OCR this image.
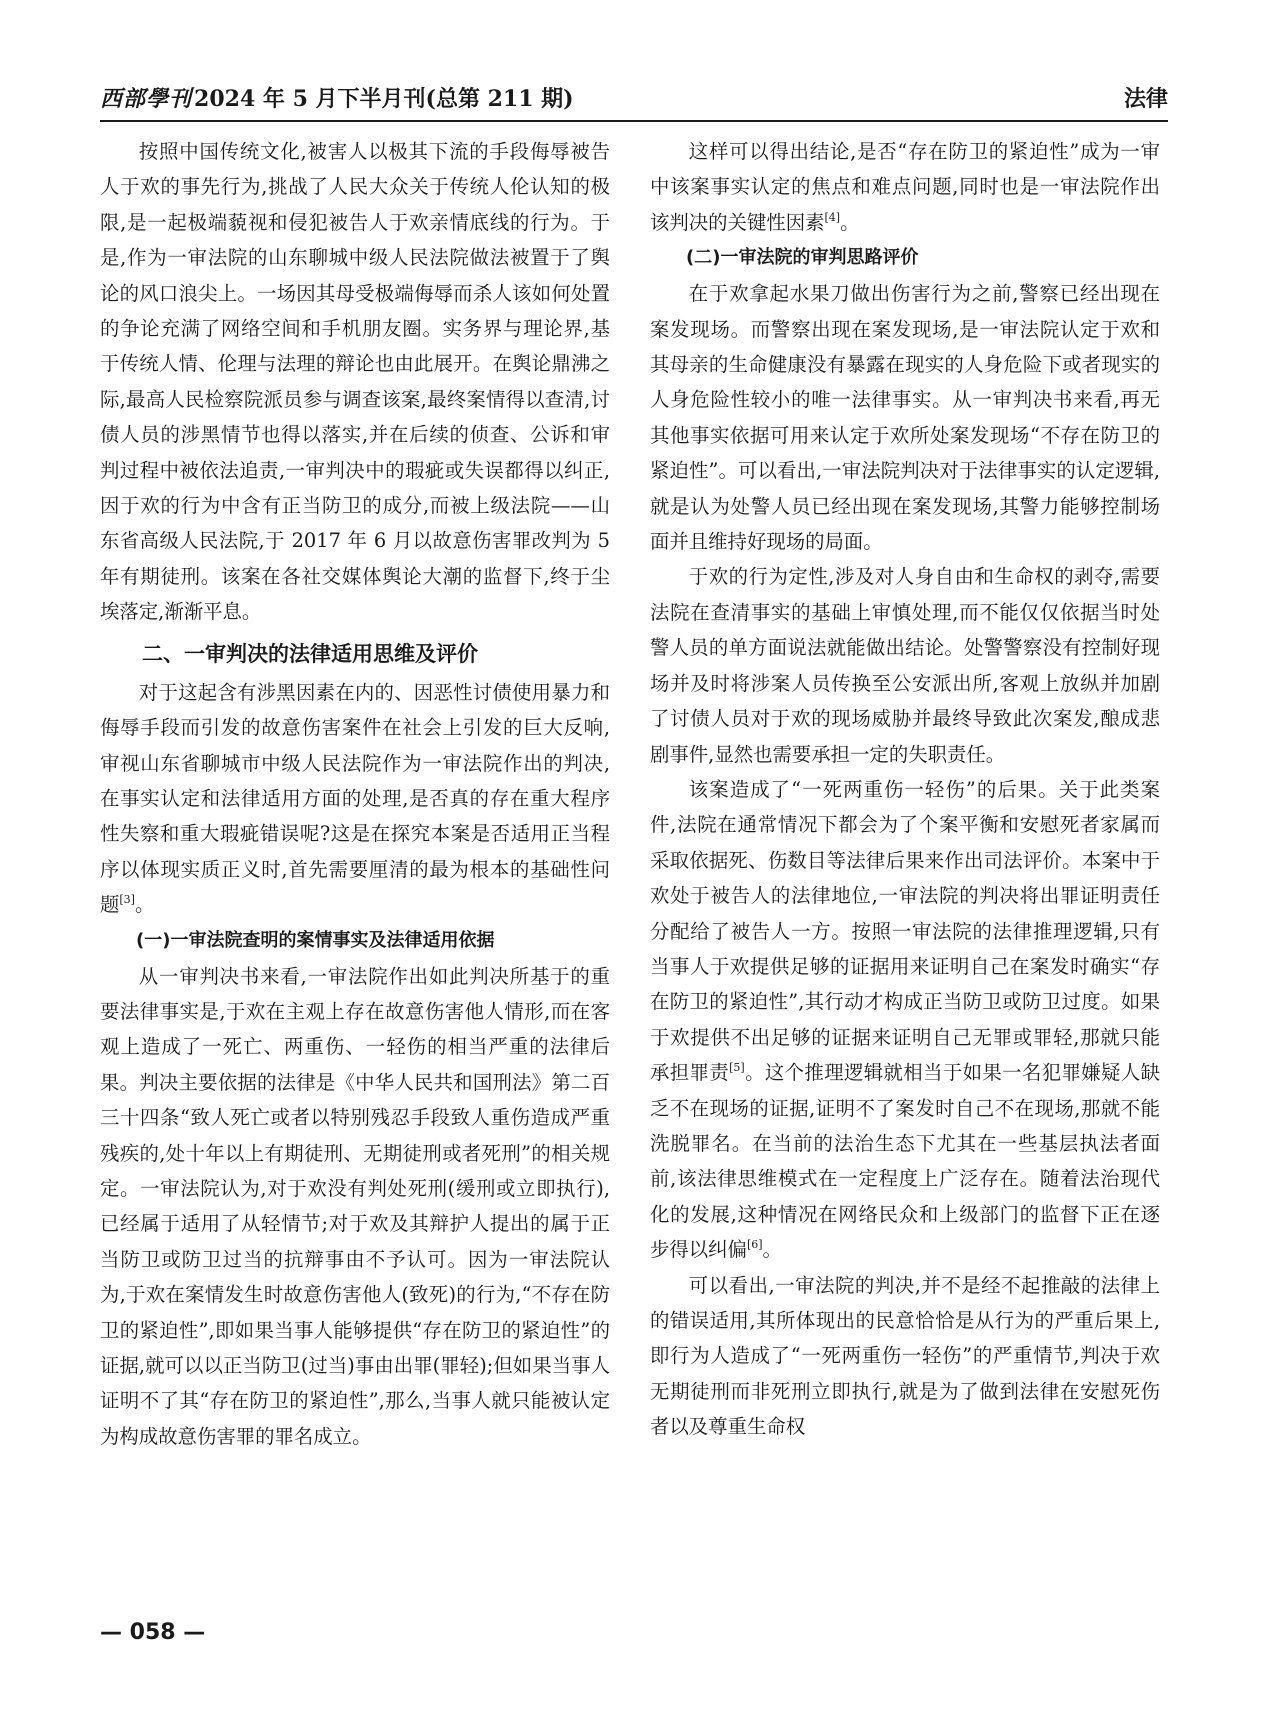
西部學刊2024 年 5 月下半月刊(总第 211 期)	法律

按照中国传统文化,被害人以极其下流的手段侮辱被告人于欢的事先行为,挑战了人民大众关于传统人伦认知的极限,是一起极端藐视和侵犯被告人于欢亲情底线的行为。于是,作为一审法院的山东聊城中级人民法院做法被置于了舆论的风口浪尖上。一场因其母受极端侮辱而杀人该如何处置的争论充满了网络空间和手机朋友圈。实务界与理论界,基于传统人情、伦理与法理的辩论也由此展开。在舆论鼎沸之际,最高人民检察院派员参与调查该案,最终案情得以查清,讨债人员的涉黑情节也得以落实,并在后续的侦查、公诉和审判过程中被依法追责,一审判决中的瑕疵或失误都得以纠正,因于欢的行为中含有正当防卫的成分,而被上级法院——山东省高级人民法院,于 2017 年 6 月以故意伤害罪改判为 5 年有期徒刑。该案在各社交媒体舆论大潮的监督下,终于尘埃落定,渐渐平息。

二、一审判决的法律适用思维及评价

对于这起含有涉黑因素在内的、因恶性讨债使用暴力和侮辱手段而引发的故意伤害案件在社会上引发的巨大反响,审视山东省聊城市中级人民法院作为一审法院作出的判决,在事实认定和法律适用方面的处理,是否真的存在重大程序性失察和重大瑕疵错误呢?这是在探究本案是否适用正当程序以体现实质正义时,首先需要厘清的最为根本的基础性问题[3]。

(一)一审法院查明的案情事实及法律适用依据

从一审判决书来看,一审法院作出如此判决所基于的重要法律事实是,于欢在主观上存在故意伤害他人情形,而在客观上造成了一死亡、两重伤、一轻伤的相当严重的法律后果。判决主要依据的法律是《中华人民共和国刑法》第二百三十四条“致人死亡或者以特别残忍手段致人重伤造成严重残疾的,处十年以上有期徒刑、无期徒刑或者死刑”的相关规定。一审法院认为,对于欢没有判处死刑(缓刑或立即执行),已经属于适用了从轻情节;对于欢及其辩护人提出的属于正当防卫或防卫过当的抗辩事由不予认可。因为一审法院认为,于欢在案情发生时故意伤害他人(致死)的行为,“不存在防卫的紧迫性”,即如果当事人能够提供“存在防卫的紧迫性”的证据,就可以以正当防卫(过当)事由出罪(罪轻);但如果当事人证明不了其“存在防卫的紧迫性”,那么,当事人就只能被认定为构成故意伤害罪的罪名成立。

这样可以得出结论,是否“存在防卫的紧迫性”成为一审中该案事实认定的焦点和难点问题,同时也是一审法院作出该判决的关键性因素[4]。

(二)一审法院的审判思路评价

在于欢拿起水果刀做出伤害行为之前,警察已经出现在案发现场。而警察出现在案发现场,是一审法院认定于欢和其母亲的生命健康没有暴露在现实的人身危险下或者现实的人身危险性较小的唯一法律事实。从一审判决书来看,再无其他事实依据可用来认定于欢所处案发现场“不存在防卫的紧迫性”。可以看出,一审法院判决对于法律事实的认定逻辑,就是认为处警人员已经出现在案发现场,其警力能够控制场面并且维持好现场的局面。

于欢的行为定性,涉及对人身自由和生命权的剥夺,需要法院在查清事实的基础上审慎处理,而不能仅仅依据当时处警人员的单方面说法就能做出结论。处警警察没有控制好现场并及时将涉案人员传换至公安派出所,客观上放纵并加剧了讨债人员对于欢的现场威胁并最终导致此次案发,酿成悲剧事件,显然也需要承担一定的失职责任。

该案造成了“一死两重伤一轻伤”的后果。关于此类案件,法院在通常情况下都会为了个案平衡和安慰死者家属而采取依据死、伤数目等法律后果来作出司法评价。本案中于欢处于被告人的法律地位,一审法院的判决将出罪证明责任分配给了被告人一方。按照一审法院的法律推理逻辑,只有当事人于欢提供足够的证据用来证明自己在案发时确实“存在防卫的紧迫性”,其行动才构成正当防卫或防卫过度。如果于欢提供不出足够的证据来证明自己无罪或罪轻,那就只能承担罪责[5]。这个推理逻辑就相当于如果一名犯罪嫌疑人缺乏不在现场的证据,证明不了案发时自己不在现场,那就不能洗脱罪名。在当前的法治生态下尤其在一些基层执法者面前,该法律思维模式在一定程度上广泛存在。随着法治现代化的发展,这种情况在网络民众和上级部门的监督下正在逐步得以纠偏[6]。

可以看出,一审法院的判决,并不是经不起推敲的法律上的错误适用,其所体现出的民意恰恰是从行为的严重后果上,即行为人造成了“一死两重伤一轻伤”的严重情节,判决于欢无期徒刑而非死刑立即执行,就是为了做到法律在安慰死伤者以及尊重生命权

— 058 —
